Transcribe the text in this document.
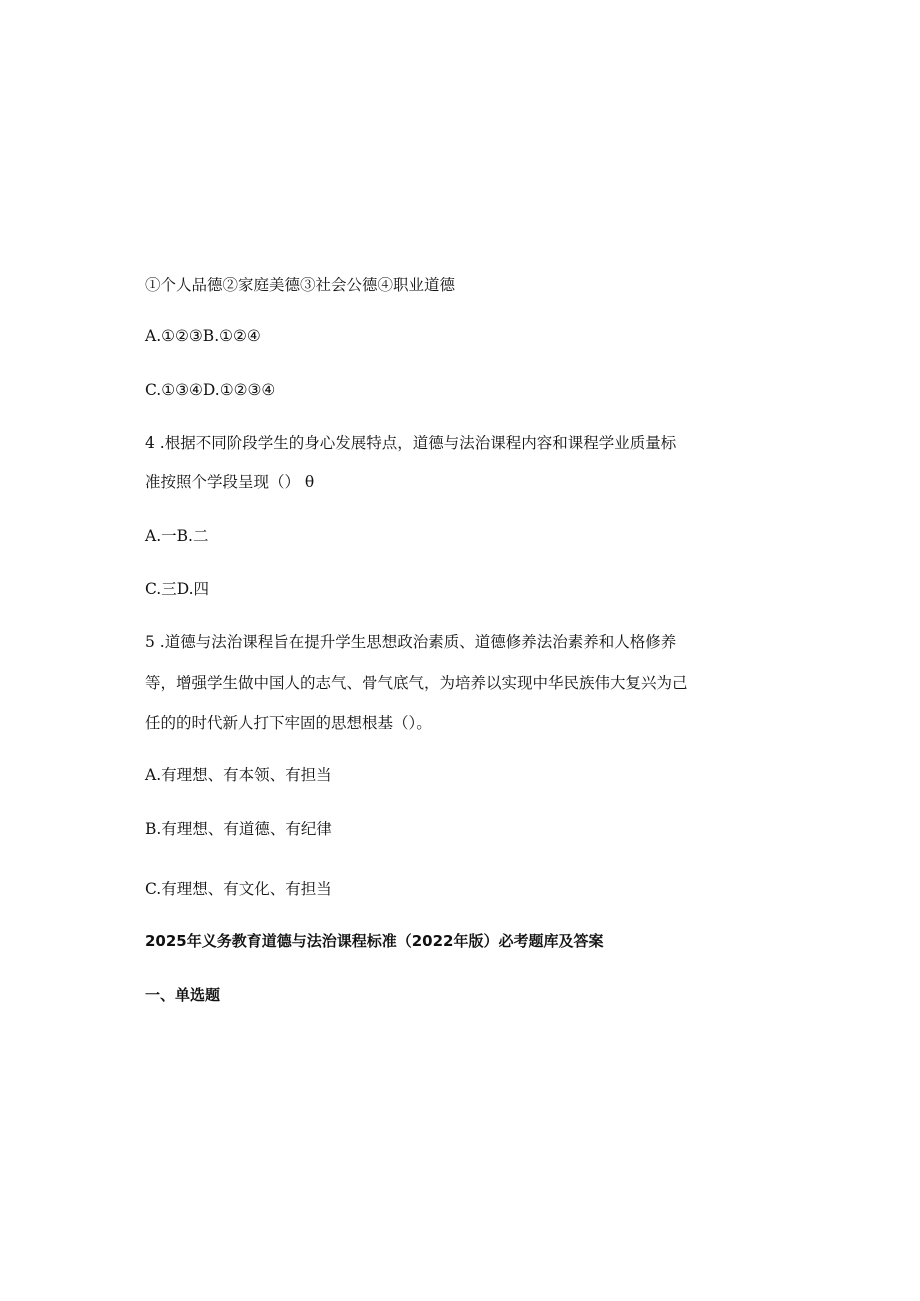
①个人品德②家庭美德③社会公德④职业道德
A.①②③B.①②④
C.①③④D.①②③④
4 .根据不同阶段学生的身心发展特点，道德与法治课程内容和课程学业质量标
准按照个学段呈现（） θ
A.一B.二
C.三D.四
5 .道德与法治课程旨在提升学生思想政治素质、道德修养法治素养和人格修养
等，增强学生做中国人的志气、骨气底气，为培养以实现中华民族伟大复兴为己
任的的时代新人打下牢固的思想根基（）。
A.有理想、有本领、有担当
B.有理想、有道德、有纪律
C.有理想、有文化、有担当
2025年义务教育道德与法治课程标准（2022年版）必考题库及答案
一、单选题
